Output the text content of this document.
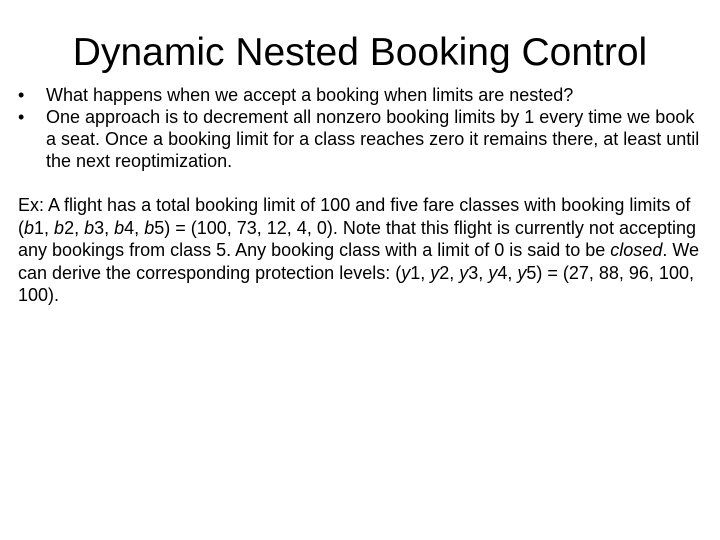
Dynamic Nested Booking Control
•	What happens when we accept a booking when limits are nested?
•	One approach is to decrement all nonzero booking limits by 1 every time we book a seat. Once a booking limit for a class reaches zero it remains there, at least until the next reoptimization.

Ex: A flight has a total booking limit of 100 and five fare classes with booking limits of (b1, b2, b3, b4, b5) = (100, 73, 12, 4, 0). Note that this flight is currently not accepting any bookings from class 5. Any booking class with a limit of 0 is said to be closed. We can derive the corresponding protection levels: (y1, y2, y3, y4, y5) = (27, 88, 96, 100, 100).
